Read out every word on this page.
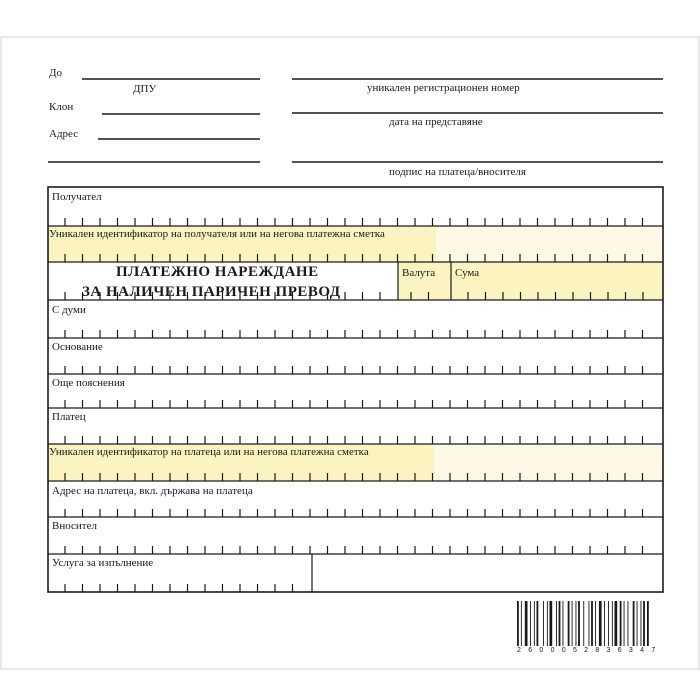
До
ДПУ
Клон
Адрес
уникален регистрационен номер
дата на представяне
подпис на платеца/вносителя
Получател
Уникален идентификатор на получателя или на негова платежна сметка
ПЛАТЕЖНО НАРЕЖДАНЕ
ЗА НАЛИЧЕН ПАРИЧЕН ПРЕВОД
Валута Сума
С думи
Основание
Още пояснения
Платец
Уникален идентификатор на платеца или на негова платежна сметка
Адрес на платеца, вкл. държава на платеца
Вносител
Услуга за изпълнение
2600052836347
